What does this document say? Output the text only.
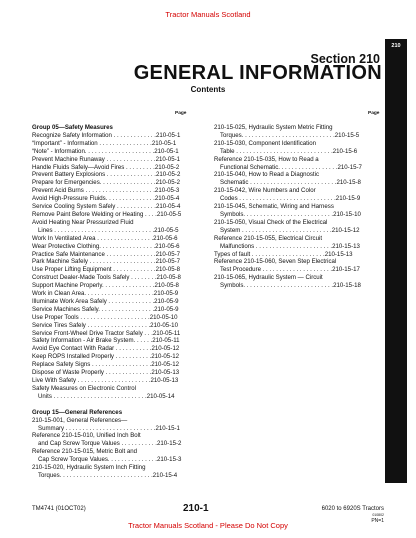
Tractor Manuals Scotland
210
Section 210
GENERAL INFORMATION
Contents
Page	Page
Group 05—Safety Measures
Recognize Safety Information . . . . . . . . . . . . .210-05-1
“Important” - Information . . . . . . . . . . . . . . . .210-05-1
“Note” - Information. . . . . . . . . . . . . . . . . . . . .210-05-1
Prevent Machine Runaway . . . . . . . . . . . . . . .210-05-1
Handle Fluids Safely—Avoid Fires . . . . . . . . .210-05-2
Prevent Battery Explosions . . . . . . . . . . . . . . .210-05-2
Prepare for Emergencies. . . . . . . . . . . . . . . . .210-05-2
Prevent Acid Burns . . . . . . . . . . . . . . . . . . . . .210-05-3
Avoid High-Pressure Fluids. . . . . . . . . . . . . . .210-05-4
Service Cooling System Safely . . . . . . . . . . . .210-05-4
Remove Paint Before Welding or Heating . . . .210-05-5
Avoid Heating Near Pressurized Fluid
Lines . . . . . . . . . . . . . . . . . . . . . . . . . . . . . .210-05-5
Work In Ventilated Area . . . . . . . . . . . . . . . . .210-05-6
Wear Protective Clothing. . . . . . . . . . . . . . . . .210-05-6
Practice Safe Maintenance . . . . . . . . . . . . . . .210-05-7
Park Machine Safely . . . . . . . . . . . . . . . . . . . .210-05-7
Use Proper Lifting Equipment . . . . . . . . . . . . .210-05-8
Construct Dealer-Made Tools Safely . . . . . . . .210-05-8
Support Machine Properly. . . . . . . . . . . . . . . .210-05-8
Work in Clean Area. . . . . . . . . . . . . . . . . . . . .210-05-9
Illuminate Work Area Safely . . . . . . . . . . . . . .210-05-9
Service Machines Safely. . . . . . . . . . . . . . . . .210-05-9
Use Proper Tools . . . . . . . . . . . . . . . . . . . . .210-05-10
Service Tires Safely . . . . . . . . . . . . . . . . . . .210-05-10
Service Front-Wheel Drive Tractor Safely . . .210-05-11
Safety Information - Air Brake System. . . . . .210-05-11
Avoid Eye Contact With Radar . . . . . . . . . . .210-05-12
Keep ROPS Installed Properly . . . . . . . . . . .210-05-12
Replace Safety Signs . . . . . . . . . . . . . . . . . .210-05-12
Dispose of Waste Properly . . . . . . . . . . . . . .210-05-13
Live With Safety . . . . . . . . . . . . . . . . . . . . . .210-05-13
Safety Measures on Electronic Control
Units . . . . . . . . . . . . . . . . . . . . . . . . . . . .210-05-14
Group 15—General References
210-15-001, General References—
Summary . . . . . . . . . . . . . . . . . . . . . . . . . . .210-15-1
Reference 210-15-010, Unified Inch Bolt
and Cap Screw Torque Values . . . . . . . . . . .210-15-2
Reference 210-15-015, Metric Bolt and
Cap Screw Torque Values. . . . . . . . . . . . . . .210-15-3
210-15-020, Hydraulic System Inch Fitting
Torques. . . . . . . . . . . . . . . . . . . . . . . . . . . .210-15-4
210-15-025, Hydraulic System Metric Fitting
Torques. . . . . . . . . . . . . . . . . . . . . . . . . . . .210-15-5
210-15-030, Component Identification
Table . . . . . . . . . . . . . . . . . . . . . . . . . . . . .210-15-6
Reference 210-15-035, How to Read a
Functional Schematic. . . . . . . . . . . . . . . . . .210-15-7
210-15-040, How to Read a Diagnostic
Schematic . . . . . . . . . . . . . . . . . . . . . . . . . .210-15-8
210-15-042, Wire Numbers and Color
Codes . . . . . . . . . . . . . . . . . . . . . . . . . . . . .210-15-9
210-15-045, Schematic, Wiring and Harness
Symbols. . . . . . . . . . . . . . . . . . . . . . . . . . .210-15-10
210-15-050, Visual Check of the Electrical
System . . . . . . . . . . . . . . . . . . . . . . . . . . .210-15-12
Reference 210-15-055, Electrical Circuit
Malfunctions . . . . . . . . . . . . . . . . . . . . . . .210-15-13
Types of fault . . . . . . . . . . . . . . . . . . . . . .210-15-13
Reference 210-15-060, Seven Step Electrical
Test Procedure . . . . . . . . . . . . . . . . . . . . .210-15-17
210-15-065, Hydraulic System — Circuit
Symbols. . . . . . . . . . . . . . . . . . . . . . . . . . .210-15-18
TM4741 (01OCT02)	210-1	6020 to 6920S Tractors
010802
PN=1
Tractor Manuals Scotland - Please Do Not Copy
